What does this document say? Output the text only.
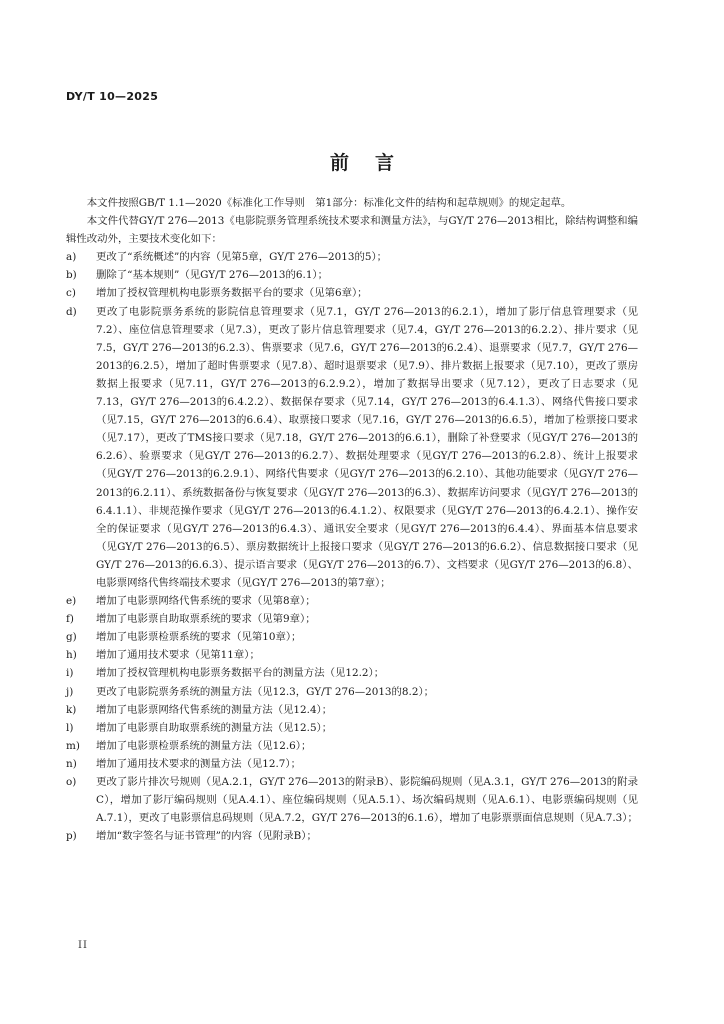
DY/T 10—2025
前言

本文件按照GB/T 1.1—2020《标准化工作导则　第1部分：标准化文件的结构和起草规则》的规定起草。

本文件代替GY/T 276—2013《电影院票务管理系统技术要求和测量方法》，与GY/T 276—2013相比，除结构调整和编辑性改动外，主要技术变化如下：

a)	更改了“系统概述”的内容（见第5章，GY/T 276—2013的5）；

b)	删除了“基本规则”（见GY/T 276—2013的6.1）；

c)	增加了授权管理机构电影票务数据平台的要求（见第6章）；

d)	更改了电影院票务系统的影院信息管理要求（见7.1，GY/T 276—2013的6.2.1），增加了影厅信息管理要求（见7.2）、座位信息管理要求（见7.3），更改了影片信息管理要求（见7.4，GY/T 276—2013的6.2.2）、排片要求（见7.5，GY/T 276—2013的6.2.3）、售票要求（见7.6，GY/T 276—2013的6.2.4）、退票要求（见7.7，GY/T 276—2013的6.2.5），增加了超时售票要求（见7.8）、超时退票要求（见7.9）、排片数据上报要求（见7.10），更改了票房数据上报要求（见7.11，GY/T 276—2013的6.2.9.2），增加了数据导出要求（见7.12），更改了日志要求（见7.13，GY/T 276—2013的6.4.2.2）、数据保存要求（见7.14，GY/T 276—2013的6.4.1.3）、网络代售接口要求（见7.15，GY/T 276—2013的6.6.4）、取票接口要求（见7.16，GY/T 276—2013的6.6.5），增加了检票接口要求（见7.17），更改了TMS接口要求（见7.18，GY/T 276—2013的6.6.1），删除了补登要求（见GY/T 276—2013的6.2.6）、验票要求（见GY/T 276—2013的6.2.7）、数据处理要求（见GY/T 276—2013的6.2.8）、统计上报要求（见GY/T 276—2013的6.2.9.1）、网络代售要求（见GY/T 276—2013的6.2.10）、其他功能要求（见GY/T 276—2013的6.2.11）、系统数据备份与恢复要求（见GY/T 276—2013的6.3）、数据库访问要求（见GY/T 276—2013的6.4.1.1）、非规范操作要求（见GY/T 276—2013的6.4.1.2）、权限要求（见GY/T 276—2013的6.4.2.1）、操作安全的保证要求（见GY/T 276—2013的6.4.3）、通讯安全要求（见GY/T 276—2013的6.4.4）、界面基本信息要求（见GY/T 276—2013的6.5）、票房数据统计上报接口要求（见GY/T 276—2013的6.6.2）、信息数据接口要求（见GY/T 276—2013的6.6.3）、提示语言要求（见GY/T 276—2013的6.7）、文档要求（见GY/T 276—2013的6.8）、电影票网络代售终端技术要求（见GY/T 276—2013的第7章）；

e)	增加了电影票网络代售系统的要求（见第8章）；

f)	增加了电影票自助取票系统的要求（见第9章）；

g)	增加了电影票检票系统的要求（见第10章）；

h)	增加了通用技术要求（见第11章）；

i)	增加了授权管理机构电影票务数据平台的测量方法（见12.2）；

j)	更改了电影院票务系统的测量方法（见12.3，GY/T 276—2013的8.2）；

k)	增加了电影票网络代售系统的测量方法（见12.4）；

l)	增加了电影票自助取票系统的测量方法（见12.5）；

m)	增加了电影票检票系统的测量方法（见12.6）；

n)	增加了通用技术要求的测量方法（见12.7）；

o)	更改了影片排次号规则（见A.2.1，GY/T 276—2013的附录B）、影院编码规则（见A.3.1，GY/T 276—2013的附录C），增加了影厅编码规则（见A.4.1）、座位编码规则（见A.5.1）、场次编码规则（见A.6.1）、电影票编码规则（见A.7.1），更改了电影票信息码规则（见A.7.2，GY/T 276—2013的6.1.6），增加了电影票票面信息规则（见A.7.3）；

p)	增加“数字签名与证书管理”的内容（见附录B）；

II
